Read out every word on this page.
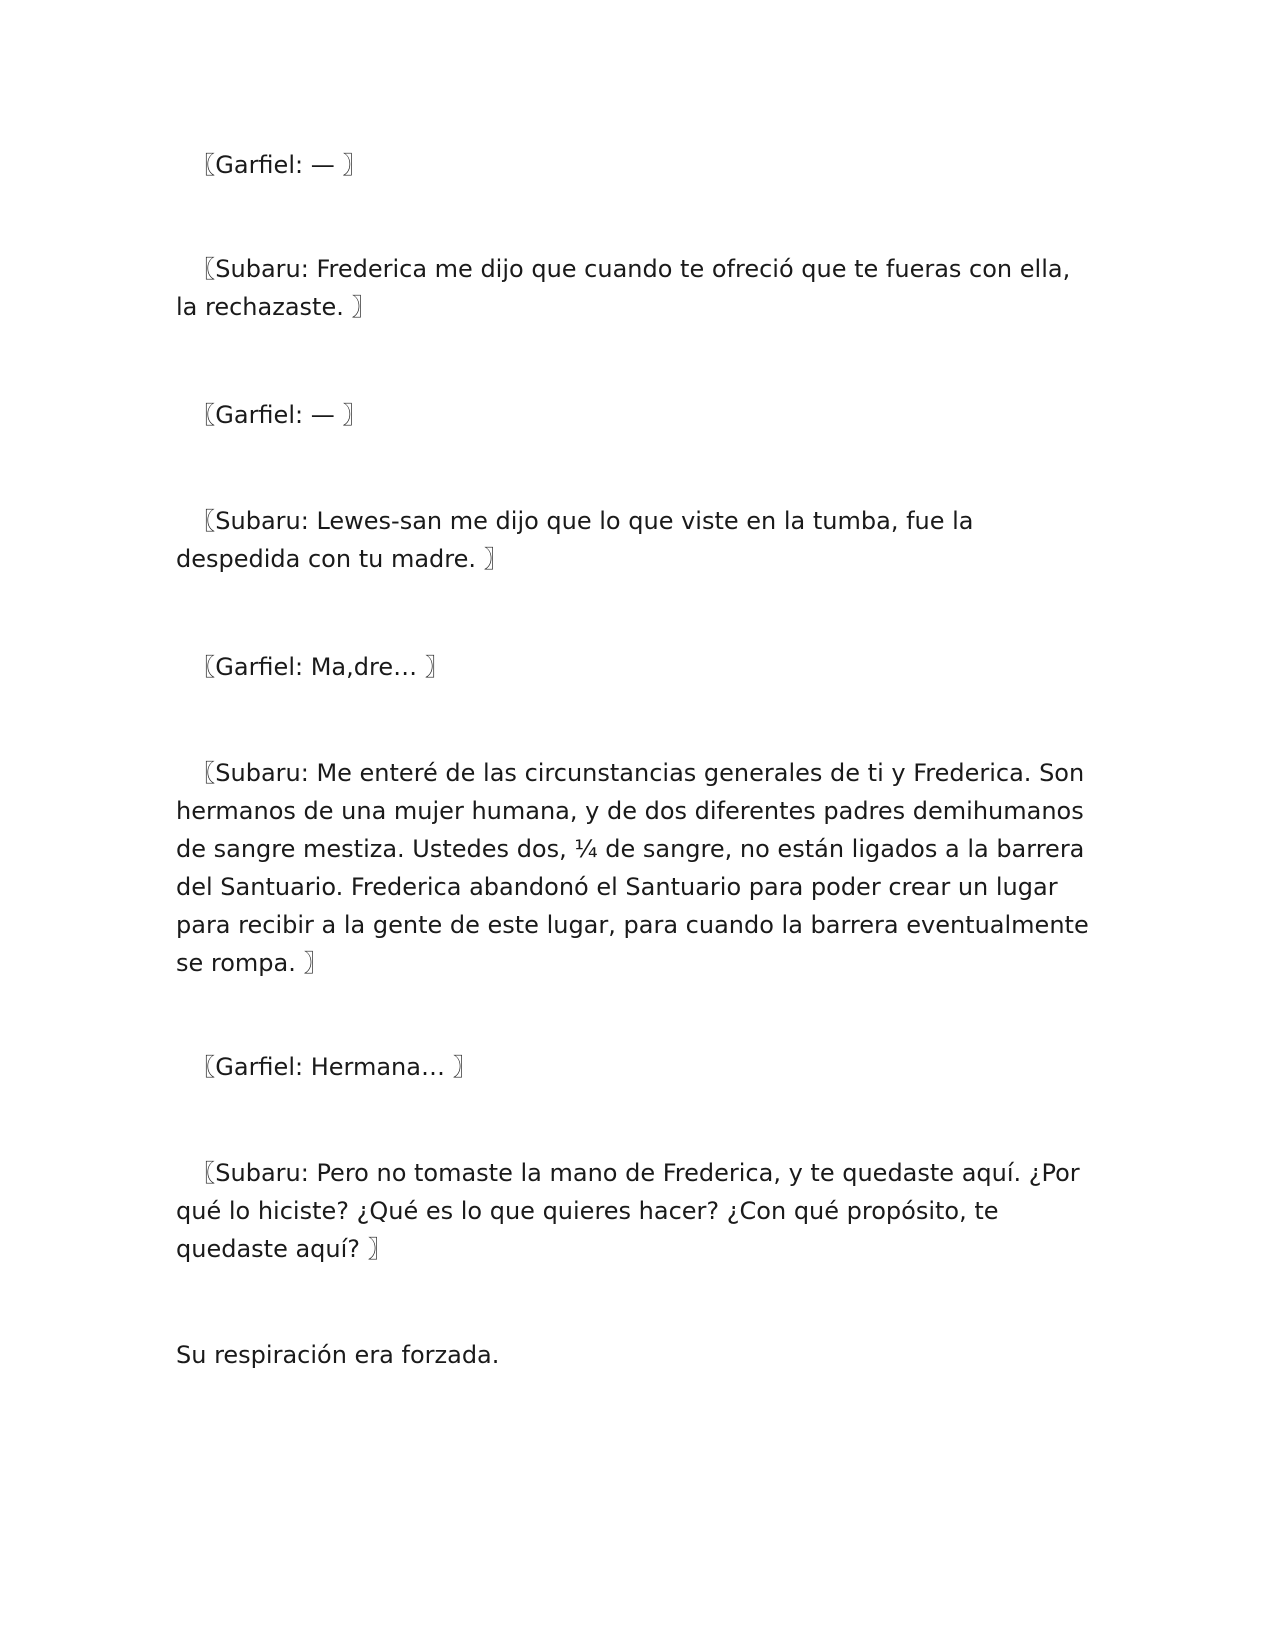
〖Garfiel: — 〗

〖Subaru: Frederica me dijo que cuando te ofreció que te fueras con ella, la rechazaste. 〗

〖Garfiel: — 〗

〖Subaru: Lewes-san me dijo que lo que viste en la tumba, fue la despedida con tu madre. 〗

〖Garfiel: Ma,dre… 〗

〖Subaru: Me enteré de las circunstancias generales de ti y Frederica. Son hermanos de una mujer humana, y de dos diferentes padres demihumanos de sangre mestiza. Ustedes dos, ¼ de sangre, no están ligados a la barrera del Santuario. Frederica abandonó el Santuario para poder crear un lugar para recibir a la gente de este lugar, para cuando la barrera eventualmente se rompa. 〗

〖Garfiel: Hermana… 〗

〖Subaru: Pero no tomaste la mano de Frederica, y te quedaste aquí. ¿Por qué lo hiciste? ¿Qué es lo que quieres hacer? ¿Con qué propósito, te quedaste aquí? 〗

Su respiración era forzada.
